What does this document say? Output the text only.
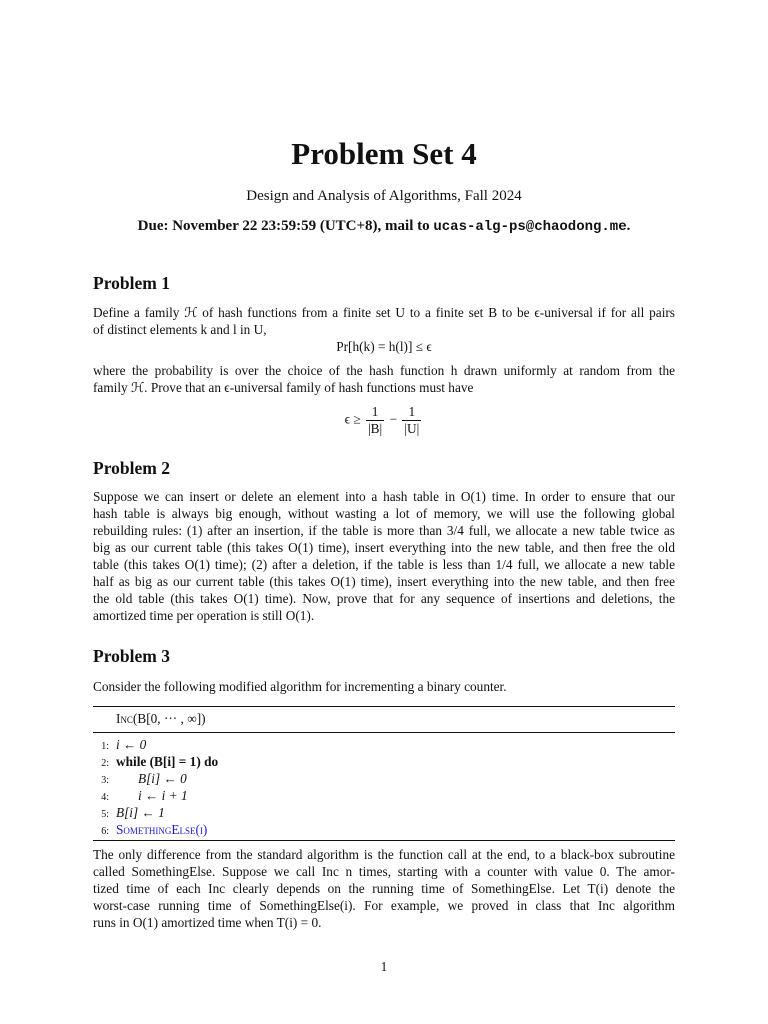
Problem Set 4
Design and Analysis of Algorithms, Fall 2024
Due: November 22 23:59:59 (UTC+8), mail to ucas-alg-ps@chaodong.me.
Problem 1
Define a family ℋ of hash functions from a finite set U to a finite set B to be ϵ-universal if for all pairs
of distinct elements k and l in U,
Pr[h(k) = h(l)] ≤ ϵ
where the probability is over the choice of the hash function h drawn uniformly at random from the
family ℋ. Prove that an ϵ-universal family of hash functions must have
$\epsilon \ge \frac{1}{|B|} - \frac{1}{|U|}$
Problem 2
Suppose we can insert or delete an element into a hash table in O(1) time. In order to ensure that our
hash table is always big enough, without wasting a lot of memory, we will use the following global
rebuilding rules: (1) after an insertion, if the table is more than 3/4 full, we allocate a new table twice as
big as our current table (this takes O(1) time), insert everything into the new table, and then free the old
table (this takes O(1) time); (2) after a deletion, if the table is less than 1/4 full, we allocate a new table
half as big as our current table (this takes O(1) time), insert everything into the new table, and then free
the old table (this takes O(1) time). Now, prove that for any sequence of insertions and deletions, the
amortized time per operation is still O(1).
Problem 3
Consider the following modified algorithm for incrementing a binary counter.
Inc(B[0, ··· , ∞])
1: i ← 0
2: while (B[i] = 1) do
3: B[i] ← 0
4: i ← i + 1
5: B[i] ← 1
6: SomethingElse(i)
The only difference from the standard algorithm is the function call at the end, to a black-box subroutine
called SomethingElse. Suppose we call Inc n times, starting with a counter with value 0. The amor-
tized time of each Inc clearly depends on the running time of SomethingElse. Let T(i) denote the
worst-case running time of SomethingElse(i). For example, we proved in class that Inc algorithm
runs in O(1) amortized time when T(i) = 0.
1
